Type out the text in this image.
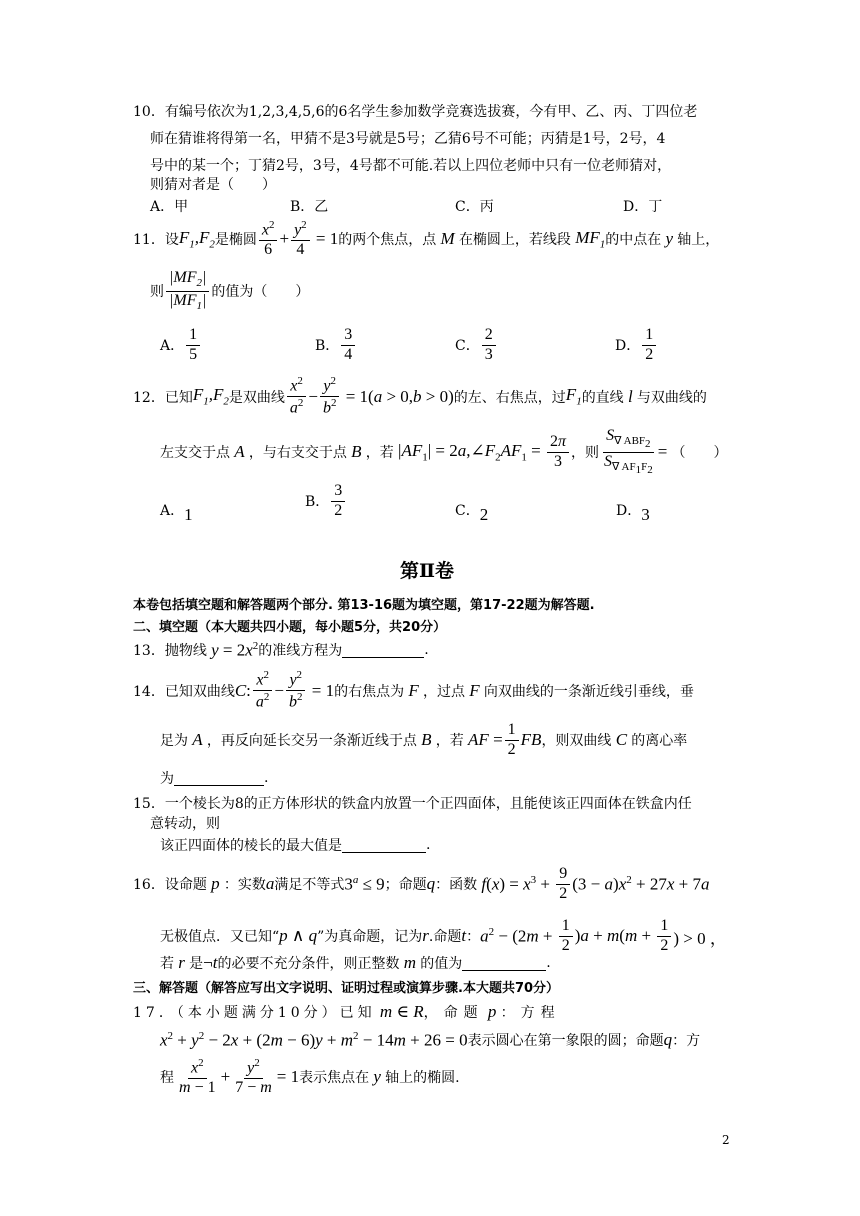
10．有编号依次为1,2,3,4,5,6的6名学生参加数学竞赛选拔赛，今有甲、乙、丙、丁四位老
师在猜谁将得第一名，甲猜不是3号就是5号；乙猜6号不可能；丙猜是1号，2号，4
号中的某一个；丁猜2号，3号，4号都不可能.若以上四位老师中只有一位老师猜对，
则猜对者是（　　）
A．甲	B．乙	C．丙	D．丁
11．设 $F_1,F_2$ 是椭圆 $\frac{x^2}{6} + \frac{y^2}{4} = 1$ 的两个焦点，点 M 在椭圆上，若线段 $MF_1$ 的中点在 y 轴上，
则 $\frac{|MF_2|}{|MF_1|}$ 的值为（　　）
A． $\frac{1}{5}$	B． $\frac{3}{4}$	C． $\frac{2}{3}$	D． $\frac{1}{2}$
12．已知 $F_1,F_2$ 是双曲线 $\frac{x^2}{a^2} - \frac{y^2}{b^2} = 1(a > 0,b > 0)$ 的左、右焦点，过 $F_1$ 的直线 l 与双曲线的
左支交于点 A ，与右支交于点 B ，若 $|AF_1|$ = $2a,\angle F_2AF_1 = \frac{2\pi}{3}$ ，则 $\frac{S_{\nabla ABF_2}}{S_{\nabla AF_1F_2}}$ = （　　）
A． 1
B． $\frac{3}{2}$	C． 2	D． 3
第Ⅱ卷
本卷包括填空题和解答题两个部分. 第13-16题为填空题，第17-22题为解答题.
二、填空题（本大题共四小题，每小题5分，共20分）
13．抛物线 $y = 2x^2$ 的准线方程为	.
14．已知双曲线 C : $\frac{x^2}{a^2} - \frac{y^2}{b^2} = 1$ 的右焦点为 F ，过点 F 向双曲线的一条渐近线引垂线，垂
足为 A ，再反向延长交另一条渐近线于点 B ，若 AF = $\frac{1}{2}$ FB ，则双曲线 C 的离心率
为	.
15．一个棱长为8的正方体形状的铁盒内放置一个正四面体，且能使该正四面体在铁盒内任
意转动，则
该正四面体的棱长的最大值是	.
16．设命题 p ：实数 a 满足不等式 $3^a \le 9$ ；命题 q ：函数 $f(x) = x^3 + \frac{9}{2} (3 - a)x^2 + 27x + 7a$
无极值点．又已知“ p ∧ q ”为真命题，记为 r .命题 t ： $a^2 - (2m + \frac{1}{2} )a + m(m + \frac{1}{2}$ ) > 0 ，
若 r 是 ¬t 的必要不充分条件，则正整数 m 的值为	.
三、解答题（解答应写出文字说明、证明过程或演算步骤.本大题共70分）
17．（本小题满分10分）已知 m ∈ R ，命题 p ：方程
$x^2 + y^2 - 2x + (2m - 6)y + m^2 - 14m + 26 = 0$ 表示圆心在第一象限的圆；命题 q ：方
程 $\frac{x^2}{m - 1} + \frac{y^2}{7 - m} = 1$ 表示焦点在 y 轴上的椭圆.
2
